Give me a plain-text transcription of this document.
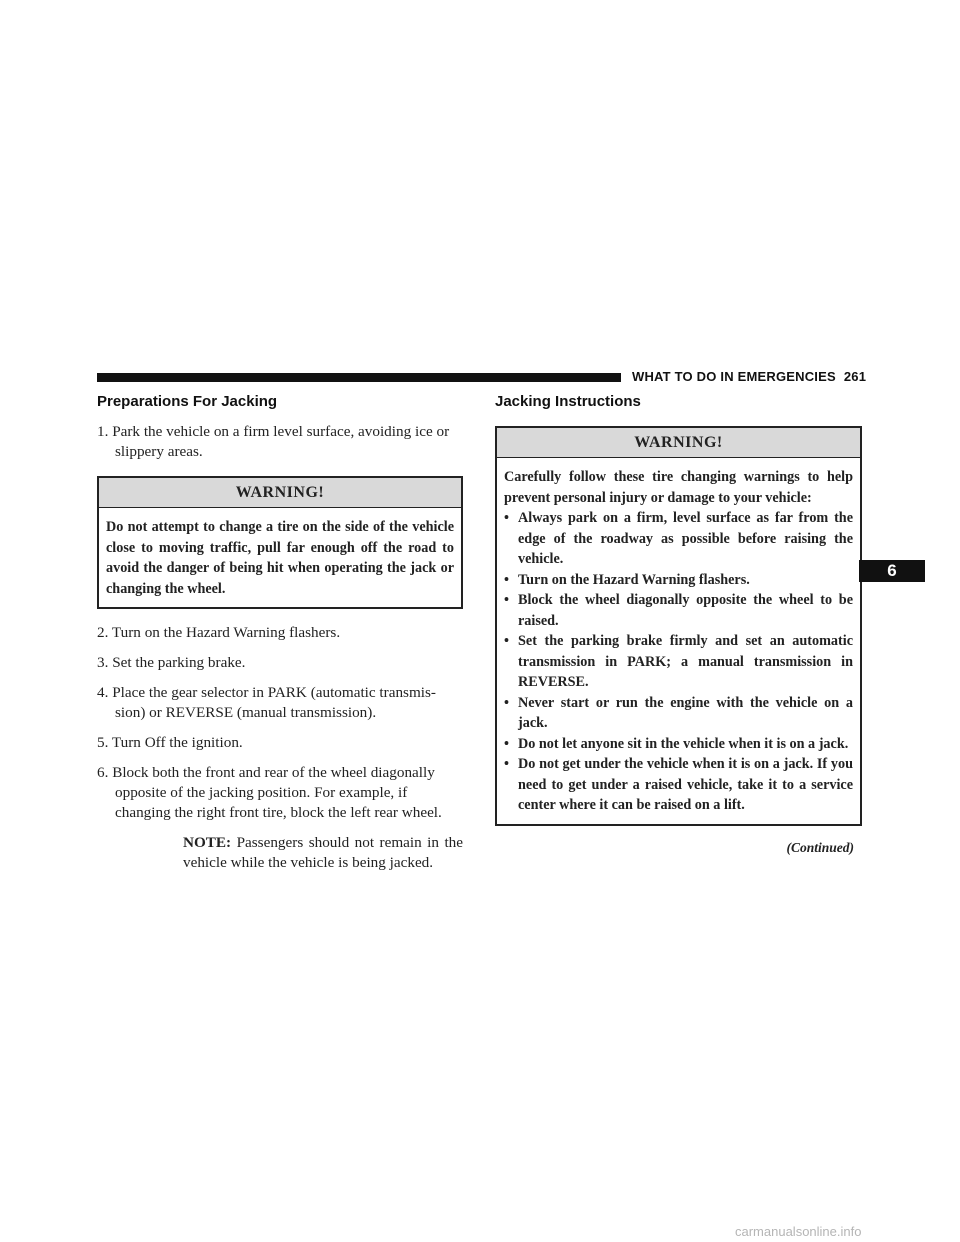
WHAT TO DO IN EMERGENCIES 261
Preparations For Jacking

1. Park the vehicle on a firm level surface, avoiding ice or slippery areas.

WARNING!

Do not attempt to change a tire on the side of the vehicle close to moving traffic, pull far enough off the road to avoid the danger of being hit when operating the jack or changing the wheel.

2. Turn on the Hazard Warning flashers.

3. Set the parking brake.

4. Place the gear selector in PARK (automatic transmis- sion) or REVERSE (manual transmission).

5. Turn Off the ignition.

6. Block both the front and rear of the wheel diagonally opposite of the jacking position. For example, if changing the right front tire, block the left rear wheel.

NOTE: Passengers should not remain in the vehicle while the vehicle is being jacked.
Jacking Instructions
WARNING!

Carefully follow these tire changing warnings to help prevent personal injury or damage to your vehicle:

• Always park on a firm, level surface as far from the edge of the roadway as possible before raising the vehicle.
• Turn on the Hazard Warning flashers.
• Block the wheel diagonally opposite the wheel to be raised.
• Set the parking brake firmly and set an automatic transmission in PARK; a manual transmission in REVERSE.
• Never start or run the engine with the vehicle on a jack.
• Do not let anyone sit in the vehicle when it is on a jack.
• Do not get under the vehicle when it is on a jack. If you need to get under a raised vehicle, take it to a service center where it can be raised on a lift.
(Continued)
6
carmanualsonline.info
